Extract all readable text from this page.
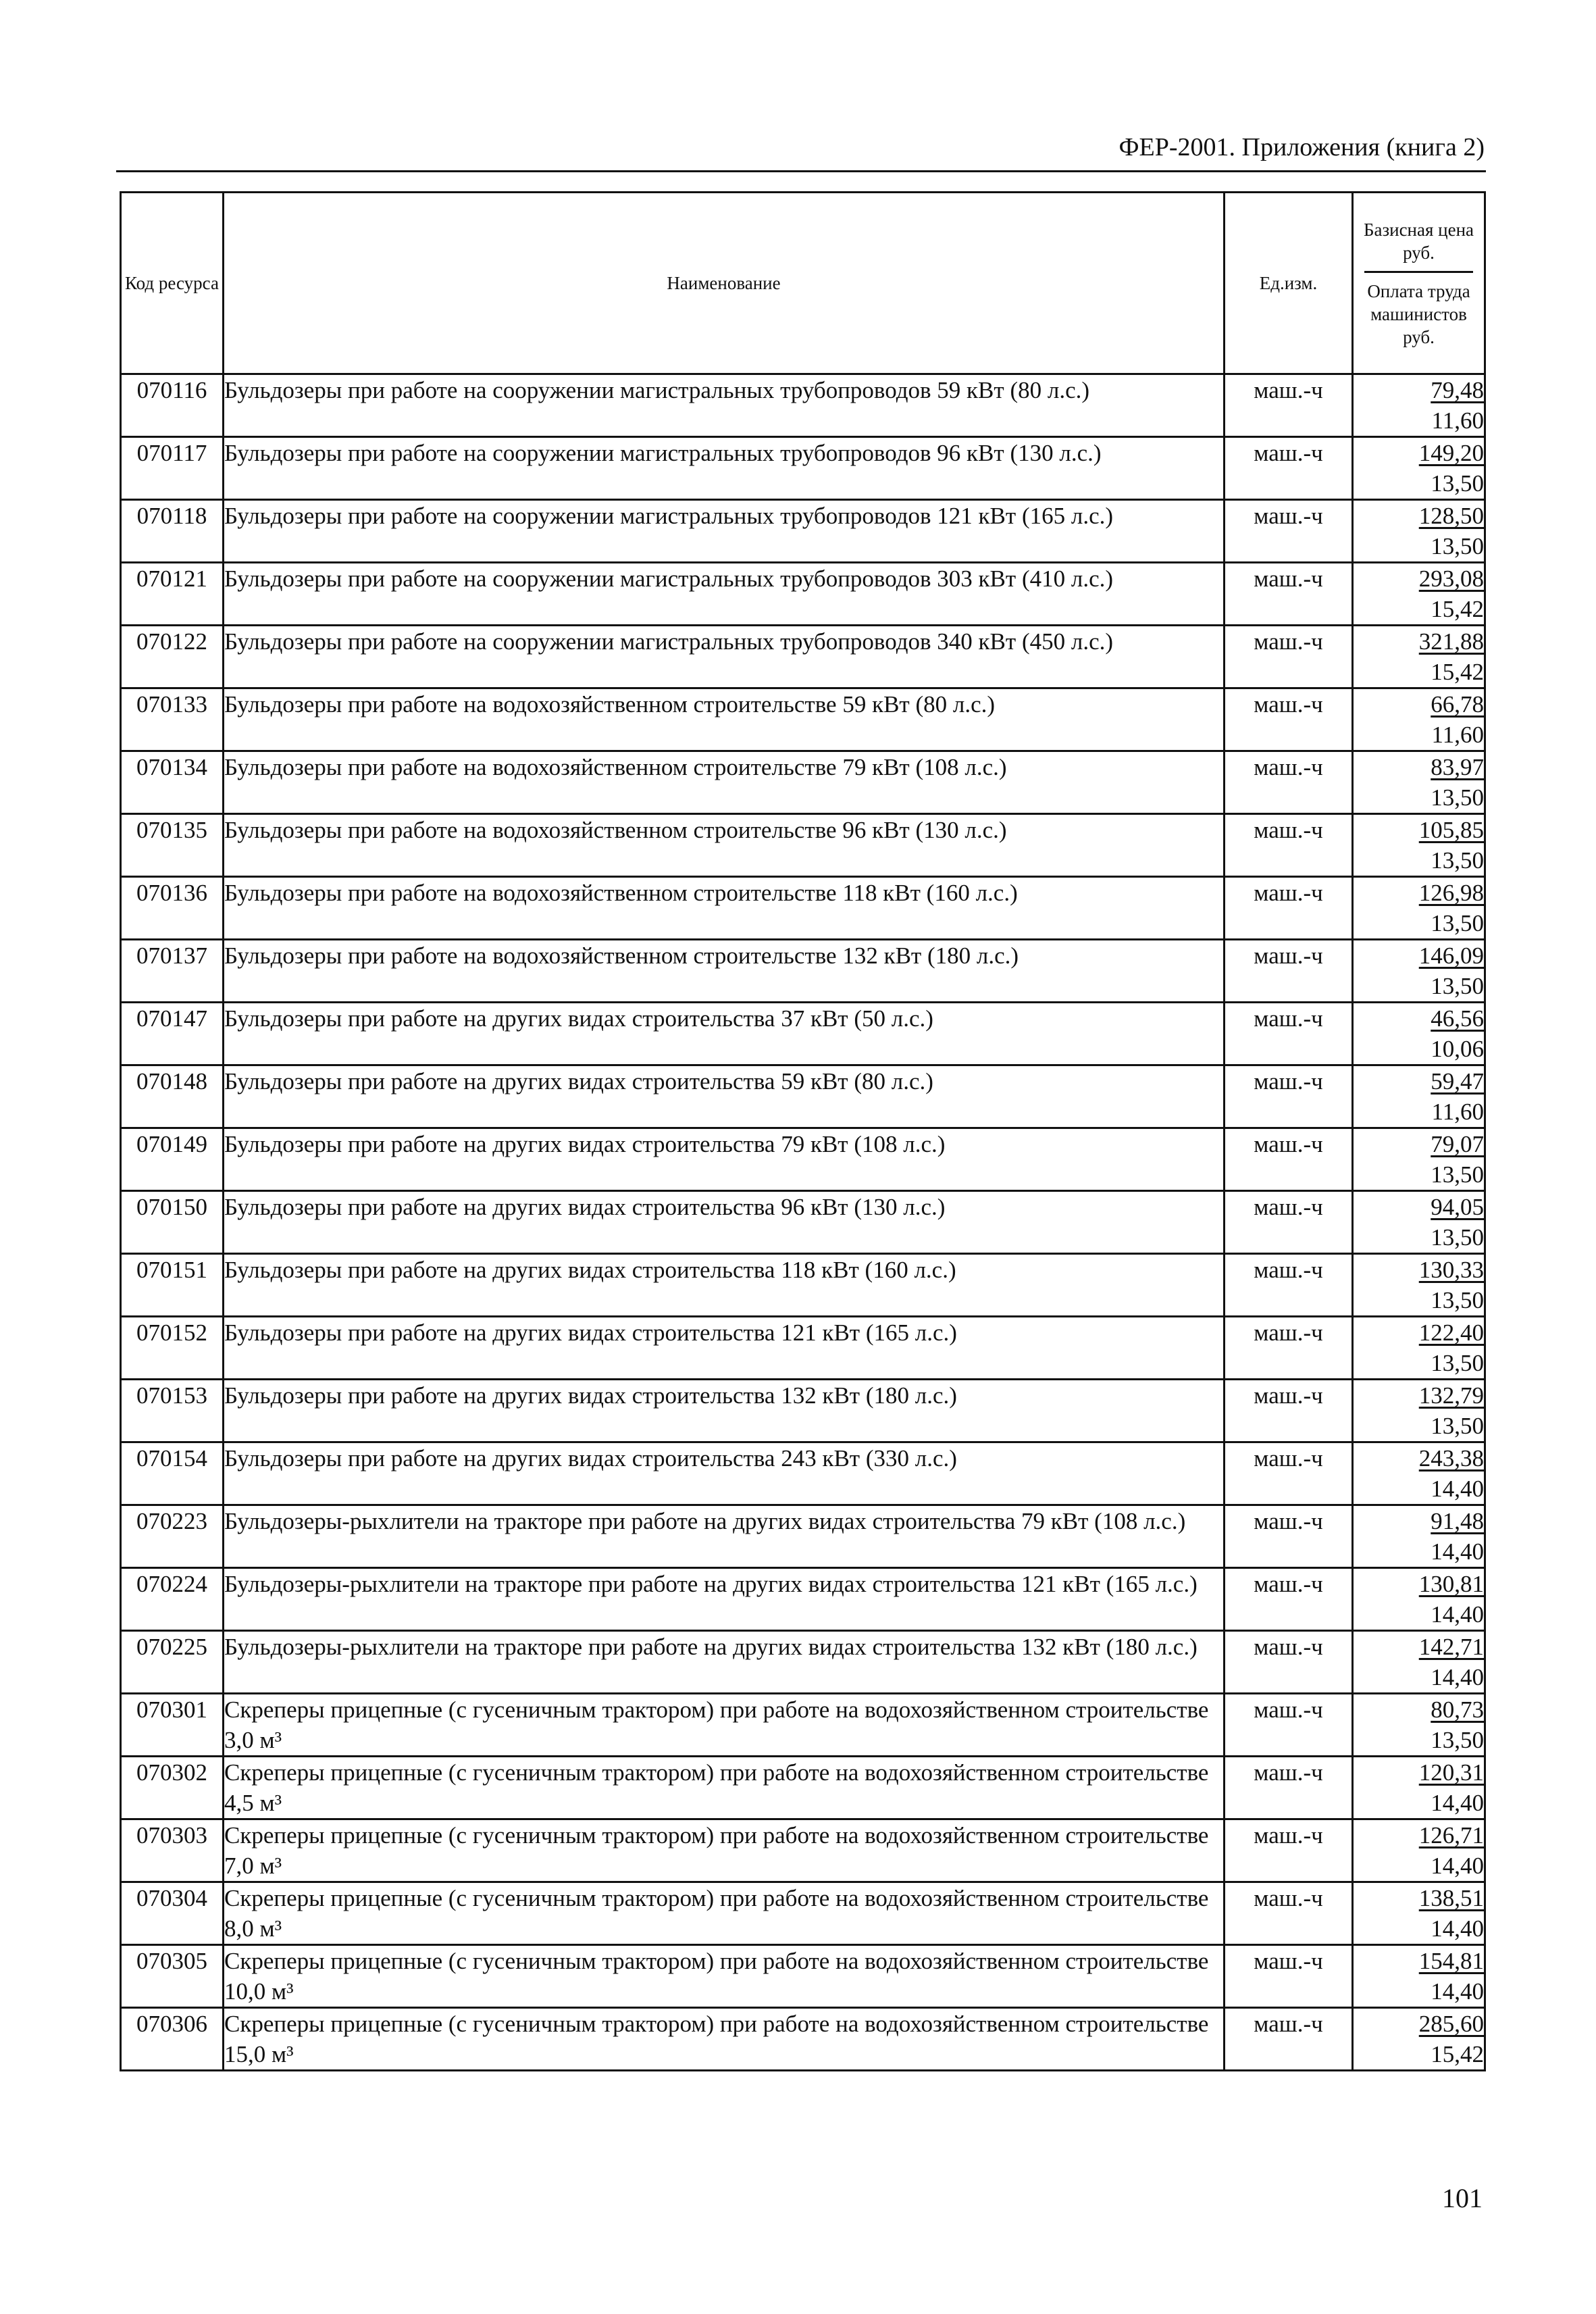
ФЕР-2001. Приложения (книга 2)
Код ресурса	Наименование	Ед.изм.	Базисная цена руб.
Оплата труда машинистов руб.

070116	Бульдозеры при работе на сооружении магистральных трубопроводов 59 кВт (80 л.с.)	маш.-ч	79,48
11,60

070117	Бульдозеры при работе на сооружении магистральных трубопроводов 96 кВт (130 л.с.)	маш.-ч	149,20
13,50

070118	Бульдозеры при работе на сооружении магистральных трубопроводов 121 кВт (165 л.с.)	маш.-ч	128,50
13,50

070121	Бульдозеры при работе на сооружении магистральных трубопроводов 303 кВт (410 л.с.)	маш.-ч	293,08
15,42

070122	Бульдозеры при работе на сооружении магистральных трубопроводов 340 кВт (450 л.с.)	маш.-ч	321,88
15,42

070133	Бульдозеры при работе на водохозяйственном строительстве 59 кВт (80 л.с.)	маш.-ч	66,78
11,60

070134	Бульдозеры при работе на водохозяйственном строительстве 79 кВт (108 л.с.)	маш.-ч	83,97
13,50

070135	Бульдозеры при работе на водохозяйственном строительстве 96 кВт (130 л.с.)	маш.-ч	105,85
13,50

070136	Бульдозеры при работе на водохозяйственном строительстве 118 кВт (160 л.с.)	маш.-ч	126,98
13,50

070137	Бульдозеры при работе на водохозяйственном строительстве 132 кВт (180 л.с.)	маш.-ч	146,09
13,50

070147	Бульдозеры при работе на других видах строительства 37 кВт (50 л.с.)	маш.-ч	46,56
10,06

070148	Бульдозеры при работе на других видах строительства 59 кВт (80 л.с.)	маш.-ч	59,47
11,60

070149	Бульдозеры при работе на других видах строительства 79 кВт (108 л.с.)	маш.-ч	79,07
13,50

070150	Бульдозеры при работе на других видах строительства 96 кВт (130 л.с.)	маш.-ч	94,05
13,50

070151	Бульдозеры при работе на других видах строительства 118 кВт (160 л.с.)	маш.-ч	130,33
13,50

070152	Бульдозеры при работе на других видах строительства 121 кВт (165 л.с.)	маш.-ч	122,40
13,50

070153	Бульдозеры при работе на других видах строительства 132 кВт (180 л.с.)	маш.-ч	132,79
13,50

070154	Бульдозеры при работе на других видах строительства 243 кВт (330 л.с.)	маш.-ч	243,38
14,40

070223	Бульдозеры-рыхлители на тракторе при работе на других видах строительства 79 кВт (108 л.с.)	маш.-ч	91,48
14,40

070224	Бульдозеры-рыхлители на тракторе при работе на других видах строительства 121 кВт (165 л.с.)	маш.-ч	130,81
14,40

070225	Бульдозеры-рыхлители на тракторе при работе на других видах строительства 132 кВт (180 л.с.)	маш.-ч	142,71
14,40

070301	Скреперы прицепные (с гусеничным трактором) при работе на водохозяйственном строительстве 3,0 м³	маш.-ч	80,73
13,50

070302	Скреперы прицепные (с гусеничным трактором) при работе на водохозяйственном строительстве 4,5 м³	маш.-ч	120,31
14,40

070303	Скреперы прицепные (с гусеничным трактором) при работе на водохозяйственном строительстве 7,0 м³	маш.-ч	126,71
14,40

070304	Скреперы прицепные (с гусеничным трактором) при работе на водохозяйственном строительстве 8,0 м³	маш.-ч	138,51
14,40

070305	Скреперы прицепные (с гусеничным трактором) при работе на водохозяйственном строительстве 10,0 м³	маш.-ч	154,81
14,40

070306	Скреперы прицепные (с гусеничным трактором) при работе на водохозяйственном строительстве 15,0 м³	маш.-ч	285,60
15,42
101
